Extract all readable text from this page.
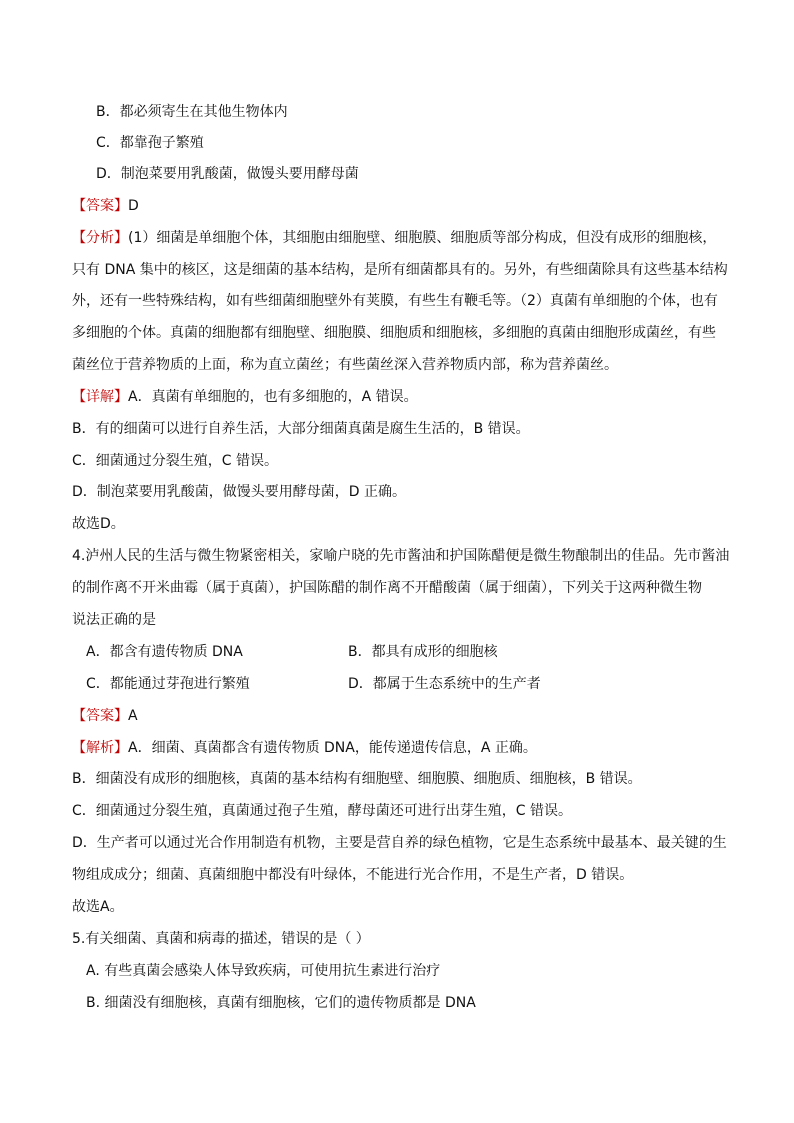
B．都必须寄生在其他生物体内
C．都靠孢子繁殖
D．制泡菜要用乳酸菌，做馒头要用酵母菌
【答案】D
【分析】(1）细菌是单细胞个体，其细胞由细胞壁、细胞膜、细胞质等部分构成，但没有成形的细胞核，
只有 DNA 集中的核区，这是细菌的基本结构，是所有细菌都具有的。另外，有些细菌除具有这些基本结构
外，还有一些特殊结构，如有些细菌细胞壁外有荚膜，有些生有鞭毛等。（2）真菌有单细胞的个体，也有
多细胞的个体。真菌的细胞都有细胞壁、细胞膜、细胞质和细胞核，多细胞的真菌由细胞形成菌丝，有些
菌丝位于营养物质的上面，称为直立菌丝；有些菌丝深入营养物质内部，称为营养菌丝。
【详解】A．真菌有单细胞的，也有多细胞的，A 错误。
B．有的细菌可以进行自养生活，大部分细菌真菌是腐生生活的，B 错误。
C．细菌通过分裂生殖，C 错误。
D．制泡菜要用乳酸菌，做馒头要用酵母菌，D 正确。
故选D。
4.泸州人民的生活与微生物紧密相关，家喻户晓的先市酱油和护国陈醋便是微生物酿制出的佳品。先市酱油
的制作离不开米曲霉（属于真菌），护国陈醋的制作离不开醋酸菌（属于细菌），下列关于这两种微生物
说法正确的是
A．都含有遗传物质 DNA	B．都具有成形的细胞核
C．都能通过芽孢进行繁殖	D．都属于生态系统中的生产者
【答案】A
【解析】A．细菌、真菌都含有遗传物质 DNA，能传递遗传信息，A 正确。
B．细菌没有成形的细胞核，真菌的基本结构有细胞壁、细胞膜、细胞质、细胞核，B 错误。
C．细菌通过分裂生殖，真菌通过孢子生殖，酵母菌还可进行出芽生殖，C 错误。
D．生产者可以通过光合作用制造有机物，主要是营自养的绿色植物，它是生态系统中最基本、最关键的生
物组成成分；细菌、真菌细胞中都没有叶绿体，不能进行光合作用，不是生产者，D 错误。
故选A。
5.有关细菌、真菌和病毒的描述，错误的是（ ）
A. 有些真菌会感染人体导致疾病，可使用抗生素进行治疗
B. 细菌没有细胞核，真菌有细胞核，它们的遗传物质都是 DNA
